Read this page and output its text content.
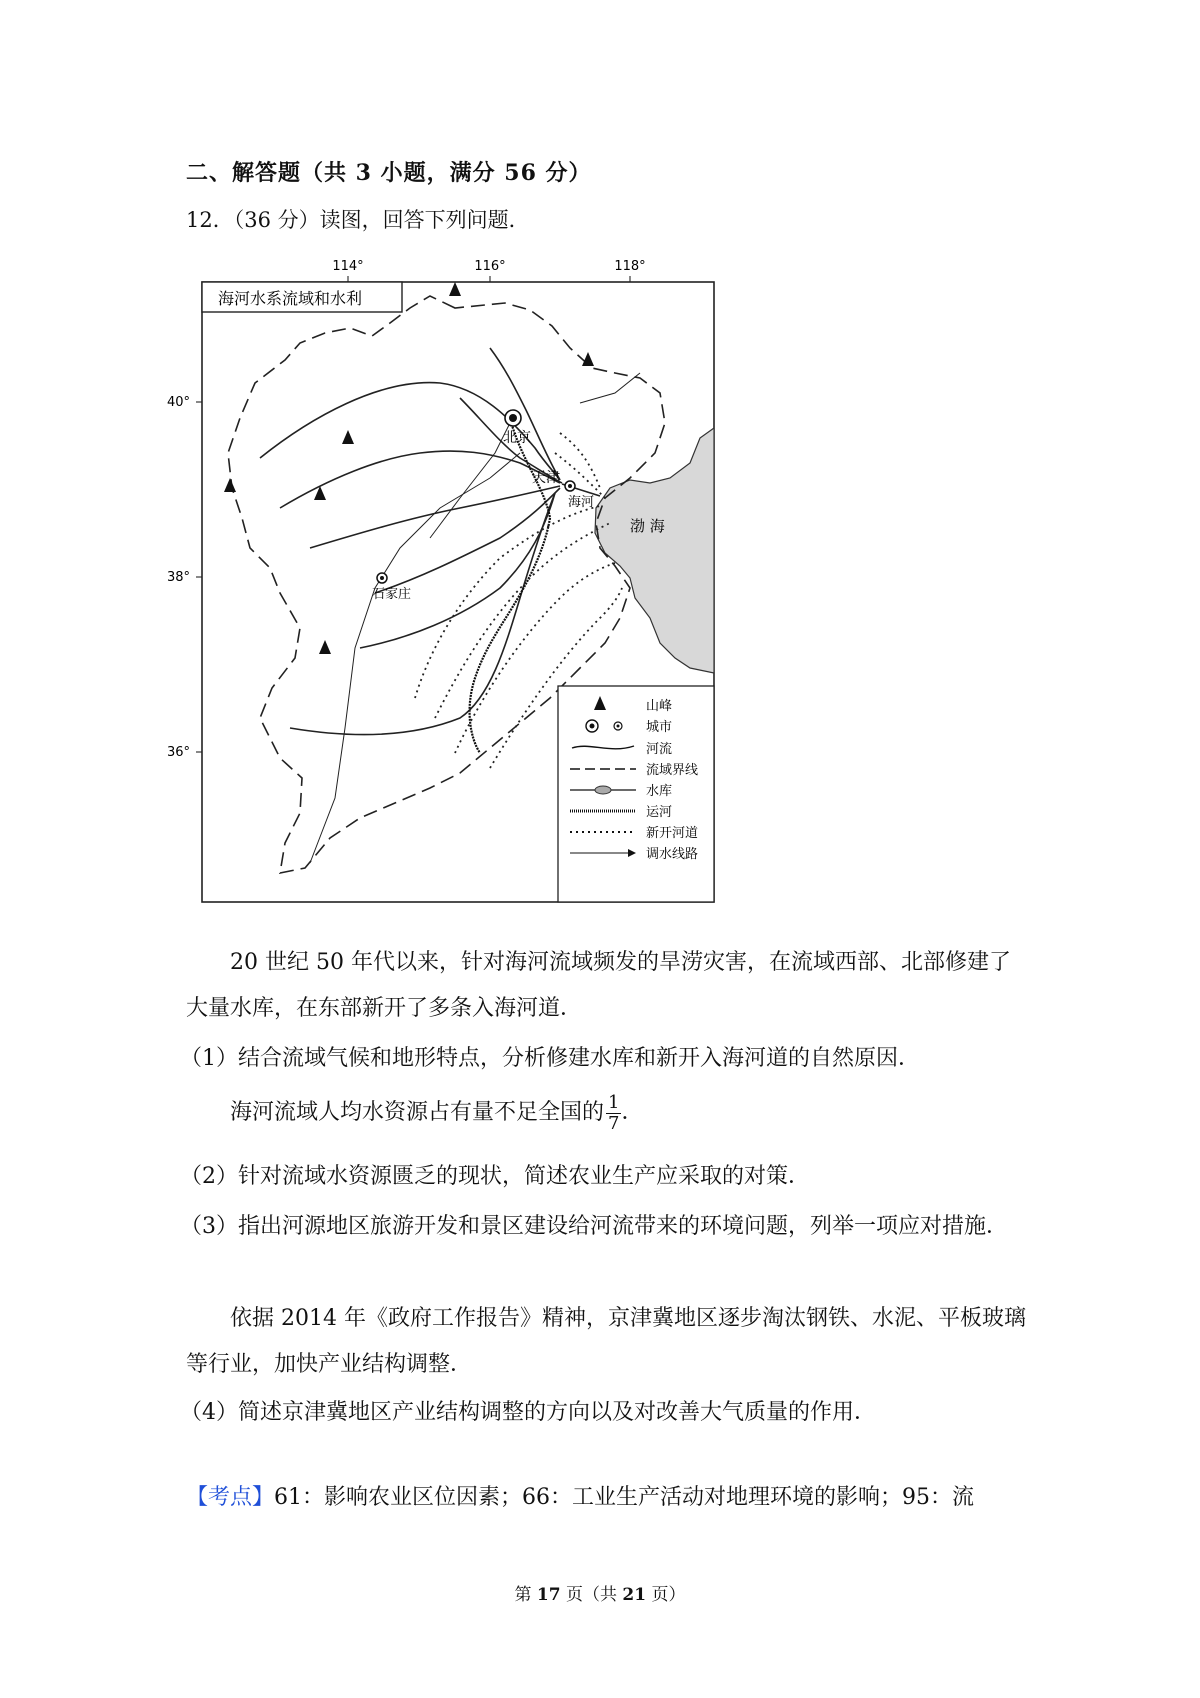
二、解答题（共 3 小题，满分 56 分）
12．（36 分）读图，回答下列问题．
114°	116°	118°
40°
38°
36°
海河水系流域和水利
北京
天津
海河
石家庄
渤 海
山峰
城市
河流
流域界线
水库
运河
新开河道
调水线路
20 世纪 50 年代以来，针对海河流域频发的旱涝灾害，在流域西部、北部修建了大量水库，在东部新开了多条入海河道．
（1）结合流域气候和地形特点，分析修建水库和新开入海河道的自然原因．
海河流域人均水资源占有量不足全国的 $\frac{1}{7}$ ．
（2）针对流域水资源匮乏的现状，简述农业生产应采取的对策．
（3）指出河源地区旅游开发和景区建设给河流带来的环境问题，列举一项应对措施．
依据 2014 年《政府工作报告》精神，京津冀地区逐步淘汰钢铁、水泥、平板玻璃等行业，加快产业结构调整．
（4）简述京津冀地区产业结构调整的方向以及对改善大气质量的作用．
【考点】61：影响农业区位因素；66：工业生产活动对地理环境的影响；95：流
第 17 页（共 21 页）
